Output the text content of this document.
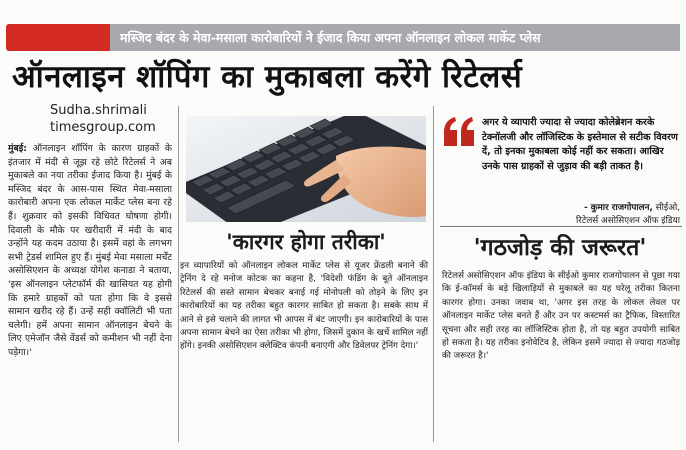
मस्जिद बंदर के मेवा-मसाला कारोबारियों ने ईजाद किया अपना ऑनलाइन लोकल मार्केट प्लेस
ऑनलाइन शॉपिंग का मुकाबला करेंगे रिटेलर्स
Sudha.shrimali
timesgroup.com
मुंबई: ऑनलाइन शॉपिंग के कारण ग्राहकों के इंतजार में मंदी से जूझ रहे छोटे रिटेलर्स ने अब मुकाबले का नया तरीका ईजाद किया है। मुंबई के मस्जिद बंदर के आस-पास स्थित मेवा-मसाला कारोबारी अपना एक लोकल मार्केट प्लेस बना रहे हैं। शुक्रवार को इसकी विधिवत घोषणा होगी। दिवाली के मौके पर खरीदारी में मंदी के बाद उन्होंने यह कदम उठाया है। इसमें वहां के लगभग सभी ट्रेडर्स शामिल हुए हैं। मुंबई मेवा मसाला मर्चेंट असोसिएशन के अध्यक्ष योगेश कनाडा ने बताया, 'इस ऑनलाइन प्लेटफॉर्म की खासियत यह होगी कि हमारे ग्राहकों को पता होगा कि वे इससे सामान खरीद रहे हैं। उन्हें सही क्वॉलिटी भी पता चलेगी। हमें अपना सामान ऑनलाइन बेचने के लिए एमेजॉन जैसे वेंडर्स को कमीशन भी नहीं देना पड़ेगा।'
'कारगर होगा तरीका'
इन व्यापारियों को ऑनलाइन लोकल मार्केट प्लेस से यूजर फ्रेंडली बनाने की ट्रेनिंग दे रहे मनोज कोटक का कहना है, 'विदेशी फंडिंग के बूते ऑनलाइन रिटेलर्स की सस्ते सामान बेचकर बनाई गई मोनोपली को तोड़ने के लिए इन कारोबारियों का यह तरीका बहुत कारगर साबित हो सकता है। सबके साथ में आने से इसे चलाने की लागत भी आपस में बंट जाएगी। इन कारोबारियों के पास अपना सामान बेचने का ऐसा तरीका भी होगा, जिसमें दुकान के खर्चे शामिल नहीं होंगे। इनकी असोसिएशन क्लेक्टिव कंपनी बनाएगी और डिवेलपर ट्रेनिंग देगा।'
अगर ये व्यापारी ज्यादा से ज्यादा कोलेब्रेशन करके टेक्नॉलजी और लॉजिस्टिक के इस्तेमाल से सटीक विवरण दें, तो इनका मुकाबला कोई नहीं कर सकता। आखिर उनके पास ग्राहकों से जुड़ाव की बड़ी ताकत है।
- कुमार राजगोपालन, सीईओ,
रिटेलर्स असोसिएशन ऑफ इंडिया
'गठजोड़ की जरूरत'
रिटेलर्स असोसिएशन ऑफ इंडिया के सीईओ कुमार राजगोपालन से पूछा गया कि ई-कॉमर्स के बड़े खिलाड़ियों से मुकाबले का यह घरेलू तरीका कितना कारगर होगा। उनका जवाब था, 'अगर इस तरह के लोकल लेवल पर ऑनलाइन मार्केट प्लेस बनते हैं और उन पर कस्टमर्स का ट्रैफिक, विस्तारित सूचना और सही तरह का लॉजिस्टिक होता है, तो यह बहुत उपयोगी साबित हो सकता है। यह तरीका इनोवेटिव है, लेकिन इसमें ज्यादा से ज्यादा गठजोड़ की जरूरत है।'
